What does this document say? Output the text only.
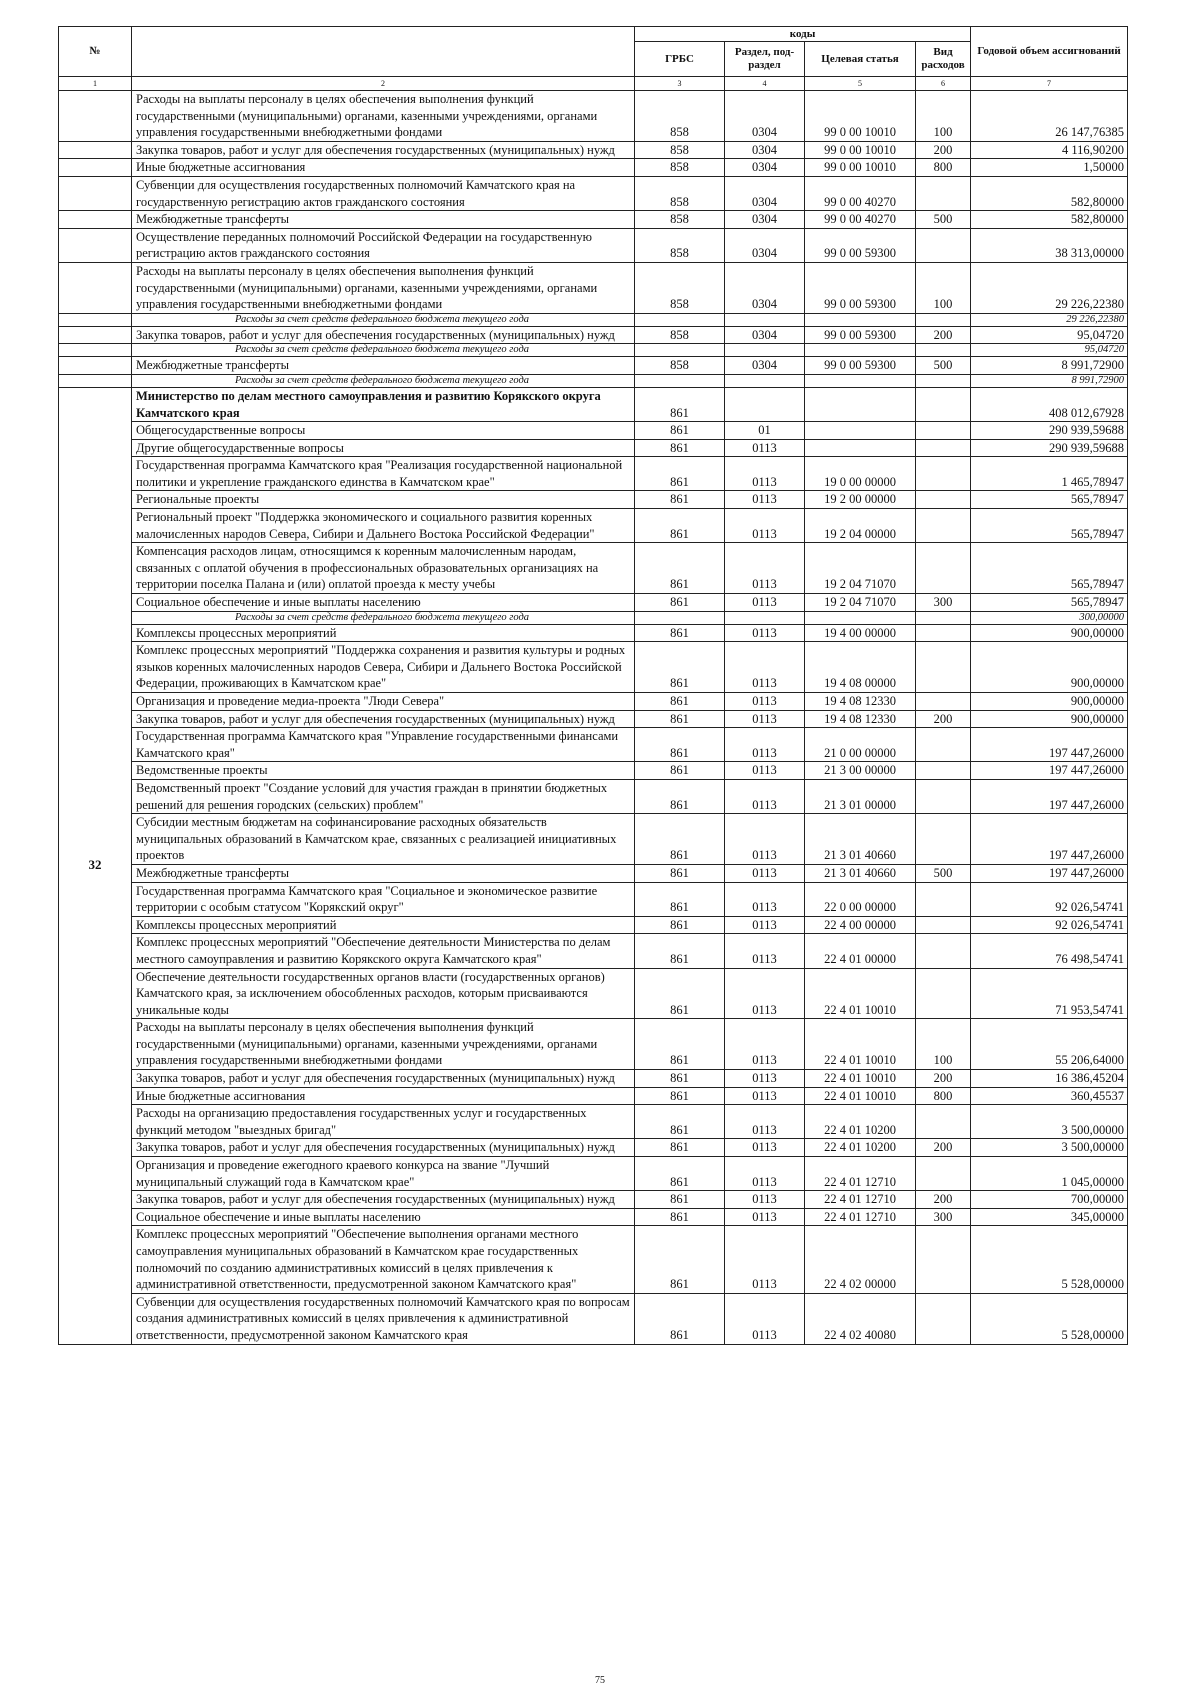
№		коды				Годовой объем ассигнований
		ГРБС	Раздел, под-раздел	Целевая статья	Вид расходов	
1	2	3	4	5	6	7
	Расходы на выплаты персоналу в целях обеспечения выполнения функций государственными (муниципальными) органами, казенными учреждениями, органами управления государственными внебюджетными фондами	858	0304	99 0 00 10010	100	26 147,76385
	Закупка товаров, работ и услуг для обеспечения государственных (муниципальных) нужд	858	0304	99 0 00 10010	200	4 116,90200
	Иные бюджетные ассигнования	858	0304	99 0 00 10010	800	1,50000
	Субвенции для осуществления государственных полномочий Камчатского края на государственную регистрацию актов гражданского состояния	858	0304	99 0 00 40270		582,80000
	Межбюджетные трансферты	858	0304	99 0 00 40270	500	582,80000
	Осуществление переданных полномочий Российской Федерации на государственную регистрацию актов гражданского состояния	858	0304	99 0 00 59300		38 313,00000
	Расходы на выплаты персоналу в целях обеспечения выполнения функций государственными (муниципальными) органами, казенными учреждениями, органами управления государственными внебюджетными фондами	858	0304	99 0 00 59300	100	29 226,22380
	Расходы за счет средств федерального бюджета текущего года					29 226,22380
	Закупка товаров, работ и услуг для обеспечения государственных (муниципальных) нужд	858	0304	99 0 00 59300	200	95,04720
	Расходы за счет средств федерального бюджета текущего года					95,04720
	Межбюджетные трансферты	858	0304	99 0 00 59300	500	8 991,72900
	Расходы за счет средств федерального бюджета текущего года					8 991,72900
32	Министерство по делам местного самоуправления и развитию Корякского округа Камчатского края	861				408 012,67928
	Общегосударственные вопросы	861	01			290 939,59688
	Другие общегосударственные вопросы	861	0113			290 939,59688
	Государственная программа Камчатского края "Реализация государственной национальной политики и укрепление гражданского единства в Камчатском крае"	861	0113	19 0 00 00000		1 465,78947
	Региональные проекты	861	0113	19 2 00 00000		565,78947
	Региональный проект "Поддержка экономического и социального развития коренных малочисленных народов Севера, Сибири и Дальнего Востока Российской Федерации"	861	0113	19 2 04 00000		565,78947
	Компенсация расходов лицам, относящимся к коренным малочисленным народам, связанных с оплатой обучения в профессиональных образовательных организациях на территории поселка Палана и (или) оплатой проезда к месту учебы	861	0113	19 2 04 71070		565,78947
	Социальное обеспечение и иные выплаты населению	861	0113	19 2 04 71070	300	565,78947
	Расходы за счет средств федерального бюджета текущего года					300,00000
	Комплексы процессных мероприятий	861	0113	19 4 00 00000		900,00000
	Комплекс процессных мероприятий "Поддержка сохранения и развития культуры и родных языков коренных малочисленных народов Севера, Сибири и Дальнего Востока Российской Федерации, проживающих в Камчатском крае"	861	0113	19 4 08 00000		900,00000
	Организация и проведение медиа-проекта "Люди Севера"	861	0113	19 4 08 12330		900,00000
	Закупка товаров, работ и услуг для обеспечения государственных (муниципальных) нужд	861	0113	19 4 08 12330	200	900,00000
	Государственная программа Камчатского края "Управление государственными финансами Камчатского края"	861	0113	21 0 00 00000		197 447,26000
	Ведомственные проекты	861	0113	21 3 00 00000		197 447,26000
	Ведомственный проект "Создание условий для участия граждан в принятии бюджетных решений для решения городских (сельских) проблем"	861	0113	21 3 01 00000		197 447,26000
	Субсидии местным бюджетам на софинансирование расходных обязательств муниципальных образований в Камчатском крае, связанных с реализацией инициативных проектов	861	0113	21 3 01 40660		197 447,26000
	Межбюджетные трансферты	861	0113	21 3 01 40660	500	197 447,26000
	Государственная программа Камчатского края "Социальное и экономическое развитие территории с особым статусом "Корякский округ"	861	0113	22 0 00 00000		92 026,54741
	Комплексы процессных мероприятий	861	0113	22 4 00 00000		92 026,54741
	Комплекс процессных мероприятий "Обеспечение деятельности Министерства по делам местного самоуправления и развитию Корякского округа Камчатского края"	861	0113	22 4 01 00000		76 498,54741
	Обеспечение деятельности государственных органов власти (государственных органов) Камчатского края, за исключением обособленных расходов, которым присваиваются уникальные коды	861	0113	22 4 01 10010		71 953,54741
	Расходы на выплаты персоналу в целях обеспечения выполнения функций государственными (муниципальными) органами, казенными учреждениями, органами управления государственными внебюджетными фондами	861	0113	22 4 01 10010	100	55 206,64000
	Закупка товаров, работ и услуг для обеспечения государственных (муниципальных) нужд	861	0113	22 4 01 10010	200	16 386,45204
	Иные бюджетные ассигнования	861	0113	22 4 01 10010	800	360,45537
	Расходы на организацию предоставления государственных услуг и государственных функций методом "выездных бригад"	861	0113	22 4 01 10200		3 500,00000
	Закупка товаров, работ и услуг для обеспечения государственных (муниципальных) нужд	861	0113	22 4 01 10200	200	3 500,00000
	Организация и проведение ежегодного краевого конкурса на звание "Лучший муниципальный служащий года в Камчатском крае"	861	0113	22 4 01 12710		1 045,00000
	Закупка товаров, работ и услуг для обеспечения государственных (муниципальных) нужд	861	0113	22 4 01 12710	200	700,00000
	Социальное обеспечение и иные выплаты населению	861	0113	22 4 01 12710	300	345,00000
	Комплекс процессных мероприятий "Обеспечение выполнения органами местного самоуправления муниципальных образований в Камчатском крае государственных полномочий по созданию административных комиссий в целях привлечения к административной ответственности, предусмотренной законом Камчатского края"	861	0113	22 4 02 00000		5 528,00000
	Субвенции для осуществления государственных полномочий Камчатского края по вопросам создания административных комиссий в целях привлечения к административной ответственности, предусмотренной законом Камчатского края	861	0113	22 4 02 40080		5 528,00000
75
